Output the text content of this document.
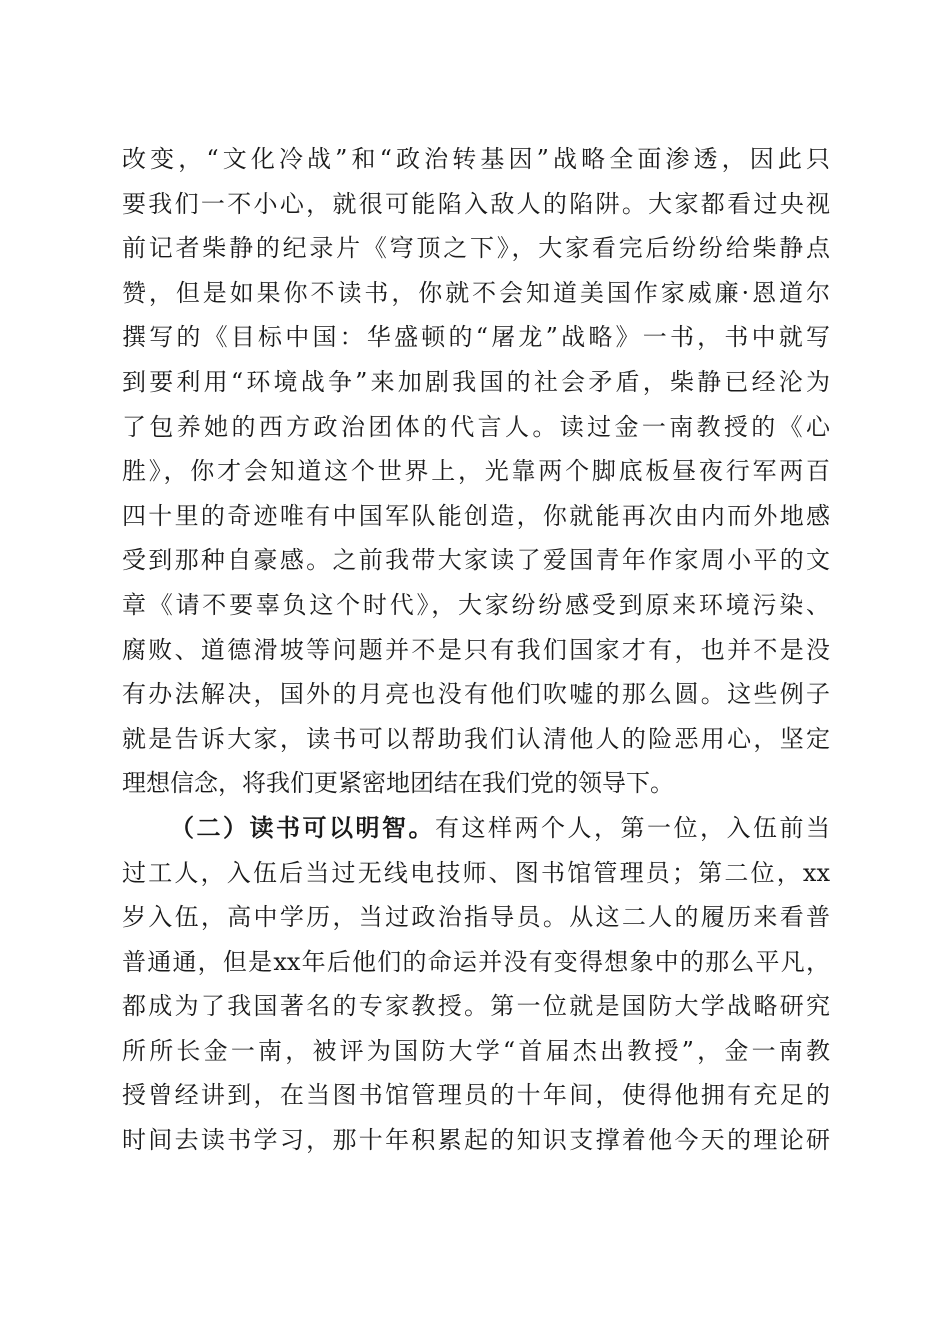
改变，“文化冷战”和“政治转基因”战略全面渗透，因此只
要我们一不小心，就很可能陷入敌人的陷阱。大家都看过央视
前记者柴静的纪录片《穹顶之下》，大家看完后纷纷给柴静点
赞，但是如果你不读书，你就不会知道美国作家威廉·恩道尔
撰写的《目标中国：华盛顿的“屠龙”战略》一书，书中就写
到要利用“环境战争”来加剧我国的社会矛盾，柴静已经沦为
了包养她的西方政治团体的代言人。读过金一南教授的《心
胜》，你才会知道这个世界上，光靠两个脚底板昼夜行军两百
四十里的奇迹唯有中国军队能创造，你就能再次由内而外地感
受到那种自豪感。之前我带大家读了爱国青年作家周小平的文
章《请不要辜负这个时代》，大家纷纷感受到原来环境污染、
腐败、道德滑坡等问题并不是只有我们国家才有，也并不是没
有办法解决，国外的月亮也没有他们吹嘘的那么圆。这些例子
就是告诉大家，读书可以帮助我们认清他人的险恶用心，坚定
理想信念，将我们更紧密地团结在我们党的领导下。
（二）读书可以明智。有这样两个人，第一位，入伍前当
过工人，入伍后当过无线电技师、图书馆管理员；第二位，xx
岁入伍，高中学历，当过政治指导员。从这二人的履历来看普
普通通，但是xx年后他们的命运并没有变得想象中的那么平凡，
都成为了我国著名的专家教授。第一位就是国防大学战略研究
所所长金一南，被评为国防大学“首届杰出教授”，金一南教
授曾经讲到，在当图书馆管理员的十年间，使得他拥有充足的
时间去读书学习，那十年积累起的知识支撑着他今天的理论研
